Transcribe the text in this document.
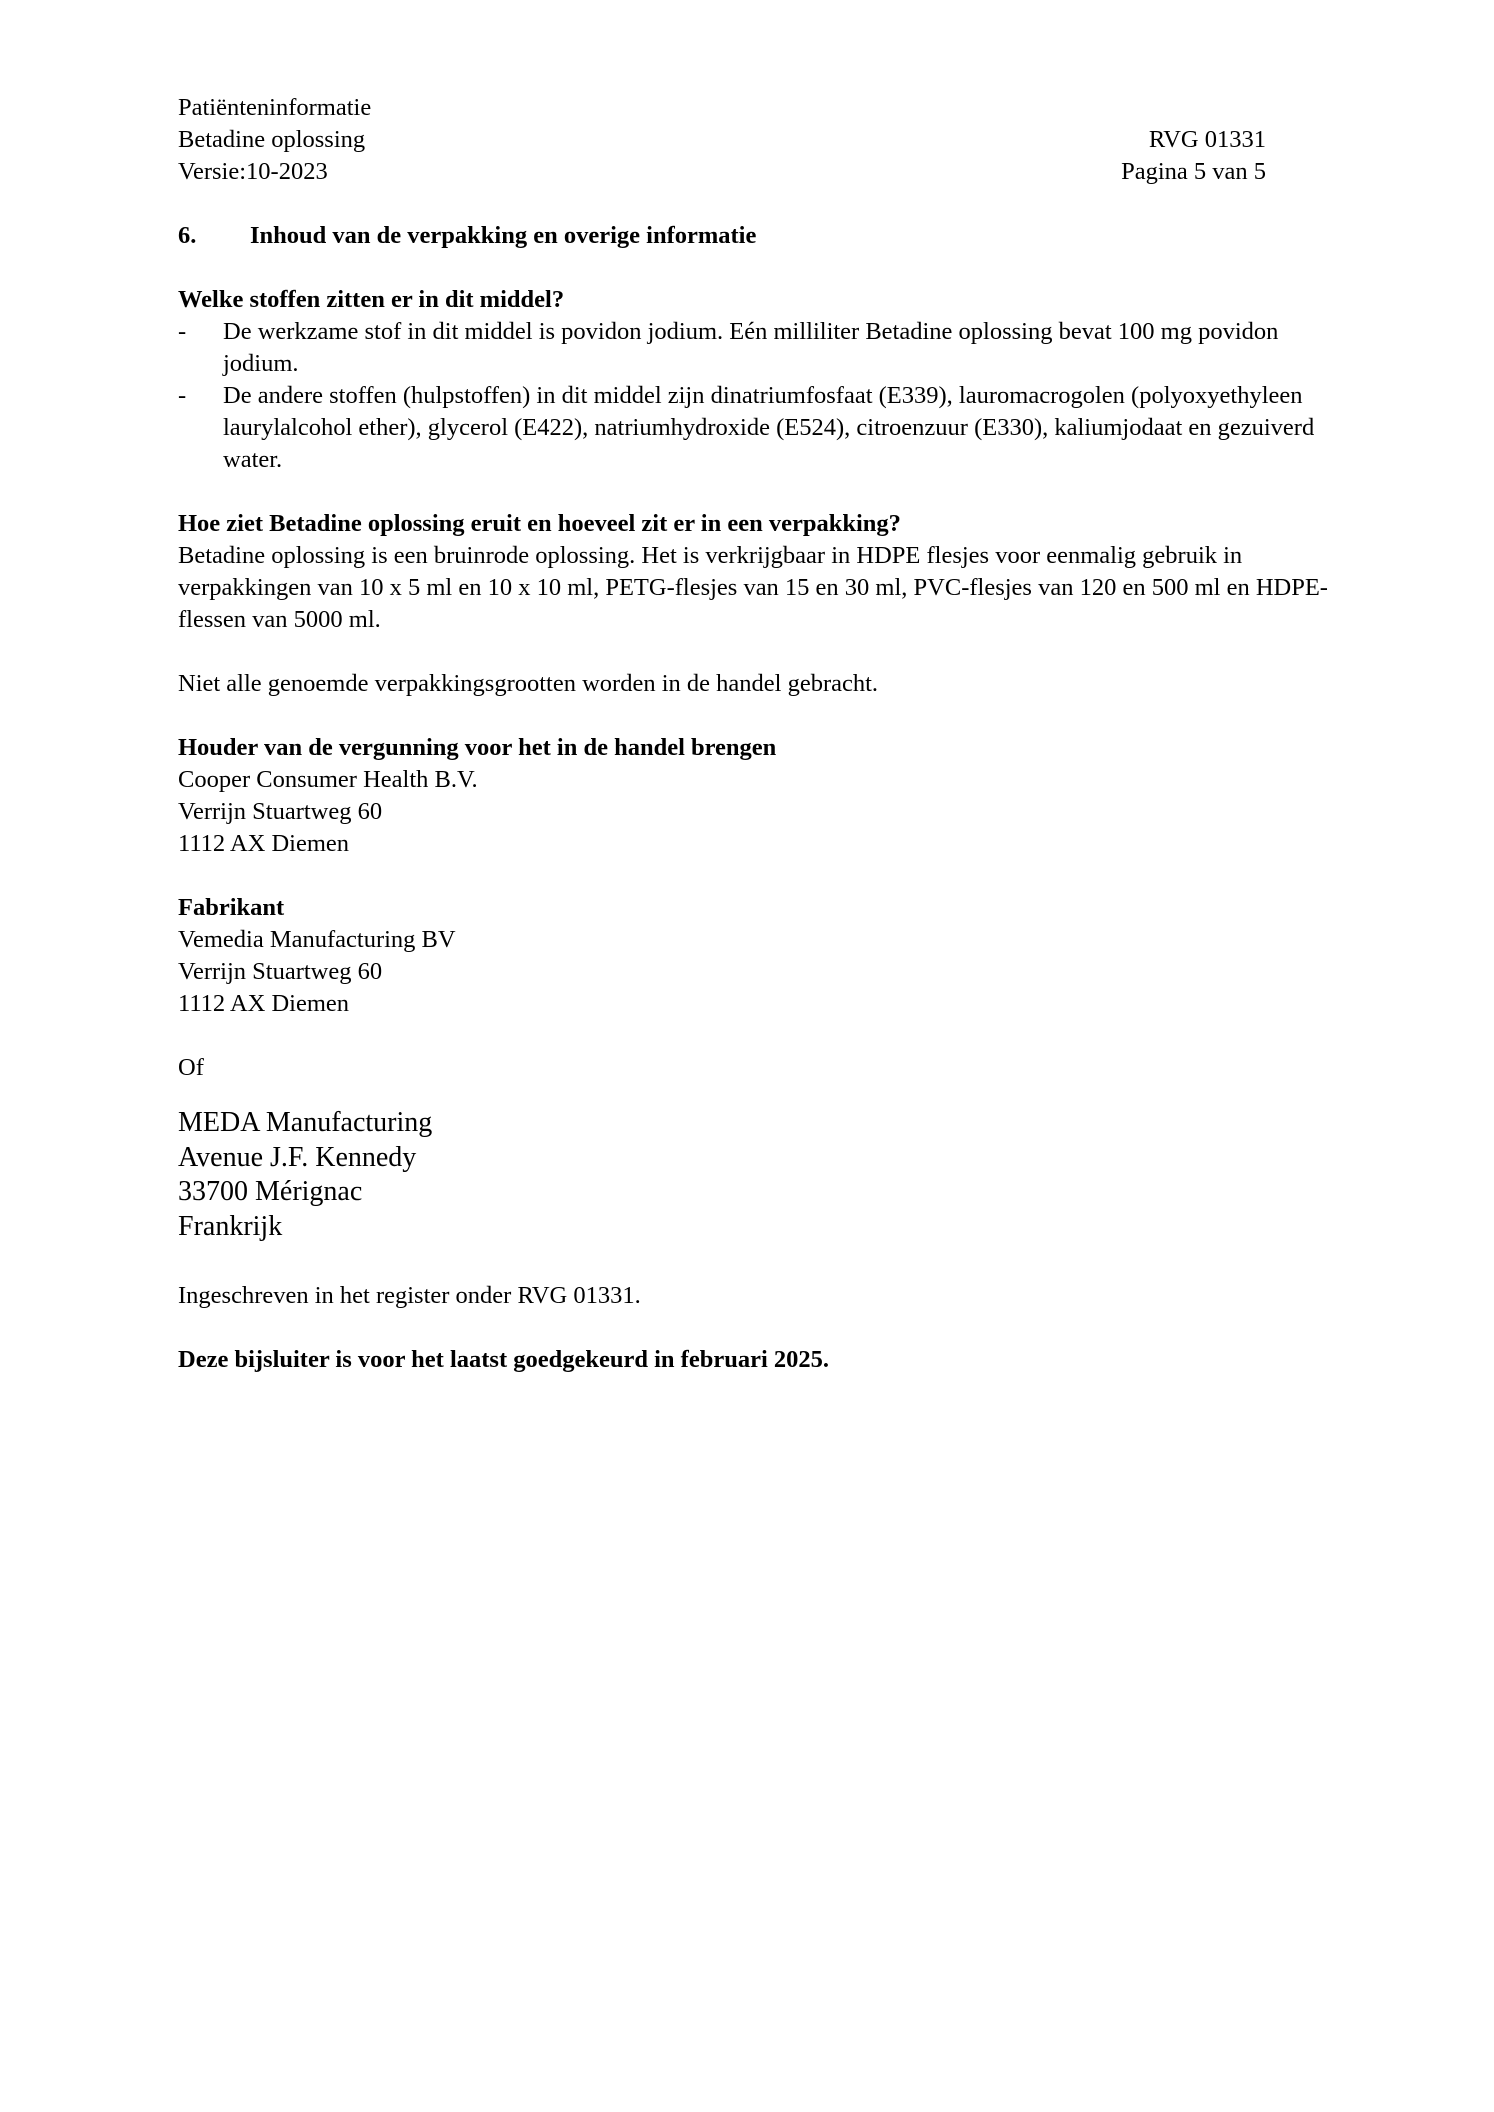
Patiënteninformatie
Betadine oplossing	RVG 01331
Versie:10-2023	Pagina 5 van 5
6.	Inhoud van de verpakking en overige informatie
Welke stoffen zitten er in dit middel?
-	De werkzame stof in dit middel is povidon jodium. Eén milliliter Betadine oplossing bevat 100 mg povidon jodium.
-	De andere stoffen (hulpstoffen) in dit middel zijn dinatriumfosfaat (E339), lauromacrogolen (polyoxyethyleen laurylalcohol ether), glycerol (E422), natriumhydroxide (E524), citroenzuur (E330), kaliumjodaat en gezuiverd water.
Hoe ziet Betadine oplossing eruit en hoeveel zit er in een verpakking?
Betadine oplossing is een bruinrode oplossing. Het is verkrijgbaar in HDPE flesjes voor eenmalig gebruik in verpakkingen van 10 x 5 ml en 10 x 10 ml, PETG-flesjes van 15 en 30 ml, PVC-flesjes van 120 en 500 ml en HDPE-flessen van 5000 ml.
Niet alle genoemde verpakkingsgrootten worden in de handel gebracht.
Houder van de vergunning voor het in de handel brengen
Cooper Consumer Health B.V.
Verrijn Stuartweg 60
1112 AX Diemen
Fabrikant
Vemedia Manufacturing BV
Verrijn Stuartweg 60
1112 AX Diemen
Of
MEDA Manufacturing
Avenue J.F. Kennedy
33700 Mérignac
Frankrijk
Ingeschreven in het register onder RVG 01331.
Deze bijsluiter is voor het laatst goedgekeurd in februari 2025.
